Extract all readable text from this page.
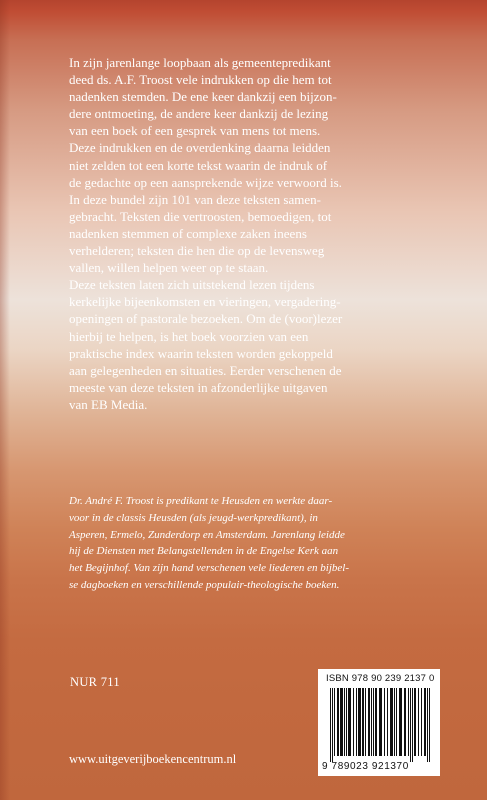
In zijn jarenlange loopbaan als gemeentepredikant
deed ds. A.F. Troost vele indrukken op die hem tot
nadenken stemden. De ene keer dankzij een bijzon-
dere ontmoeting, de andere keer dankzij de lezing
van een boek of een gesprek van mens tot mens.
Deze indrukken en de overdenking daarna leidden
niet zelden tot een korte tekst waarin de indruk of
de gedachte op een aansprekende wijze verwoord is.
In deze bundel zijn 101 van deze teksten samen-
gebracht. Teksten die vertroosten, bemoedigen, tot
nadenken stemmen of complexe zaken ineens
verhelderen; teksten die hen die op de levensweg
vallen, willen helpen weer op te staan.
Deze teksten laten zich uitstekend lezen tijdens
kerkelijke bijeenkomsten en vieringen, vergadering-
openingen of pastorale bezoeken. Om de (voor)lezer
hierbij te helpen, is het boek voorzien van een
praktische index waarin teksten worden gekoppeld
aan gelegenheden en situaties. Eerder verschenen de
meeste van deze teksten in afzonderlijke uitgaven
van EB Media.

Dr. André F. Troost is predikant te Heusden en werkte daar-
voor in de classis Heusden (als jeugd-werkpredikant), in
Asperen, Ermelo, Zunderdorp en Amsterdam. Jarenlang leidde
hij de Diensten met Belangstellenden in de Engelse Kerk aan
het Begijnhof. Van zijn hand verschenen vele liederen en bijbel-
se dagboeken en verschillende populair-theologische boeken.

NUR 711
www.uitgeverijboekencentrum.nl
ISBN 978 90 239 2137 0
9 789023 921370
